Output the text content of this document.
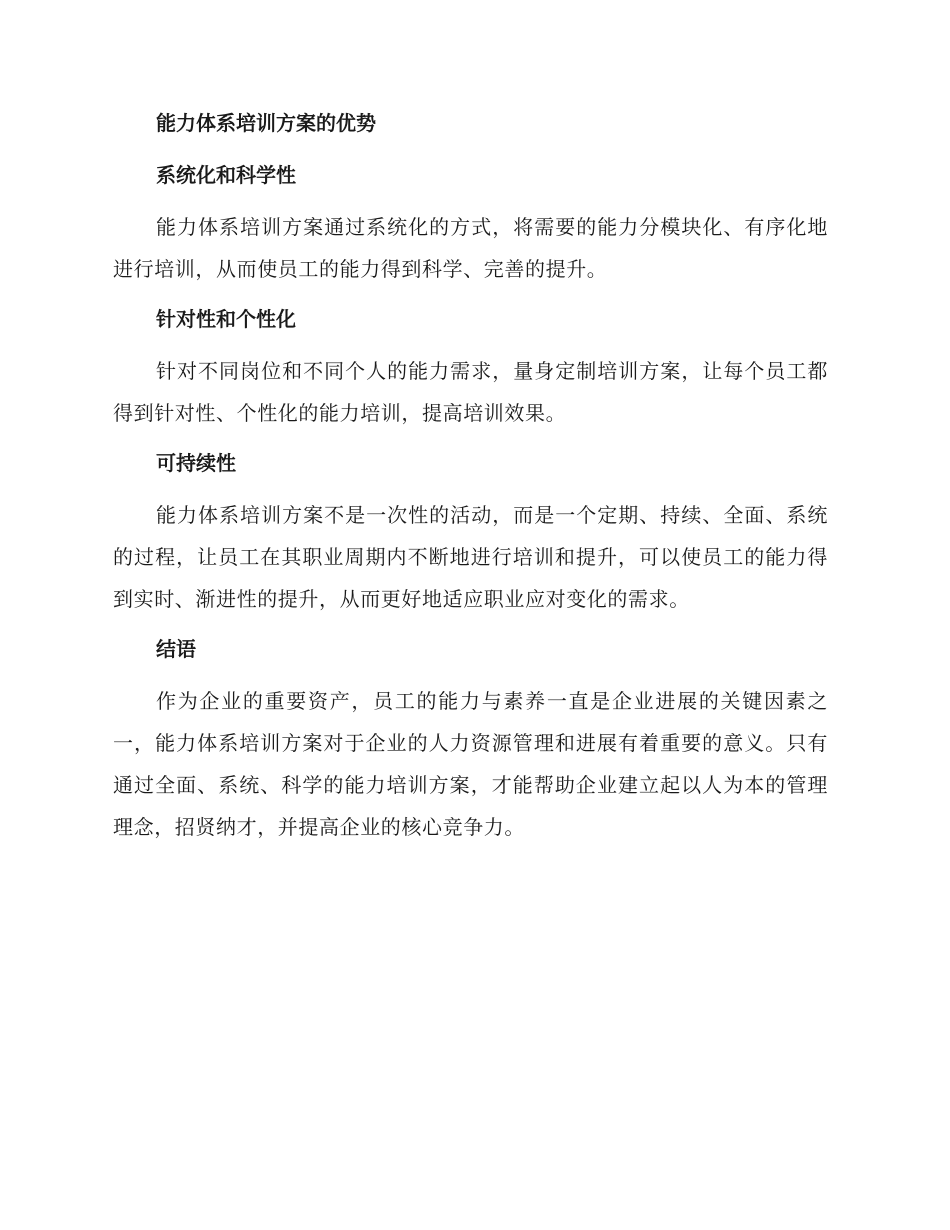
能力体系培训方案的优势
系统化和科学性

能力体系培训方案通过系统化的方式，将需要的能力分模块化、有序化地进行培训，从而使员工的能力得到科学、完善的提升。

针对性和个性化

针对不同岗位和不同个人的能力需求，量身定制培训方案，让每个员工都得到针对性、个性化的能力培训，提高培训效果。

可持续性

能力体系培训方案不是一次性的活动，而是一个定期、持续、全面、系统的过程，让员工在其职业周期内不断地进行培训和提升，可以使员工的能力得到实时、渐进性的提升，从而更好地适应职业应对变化的需求。

结语

作为企业的重要资产，员工的能力与素养一直是企业进展的关键因素之一，能力体系培训方案对于企业的人力资源管理和进展有着重要的意义。只有通过全面、系统、科学的能力培训方案，才能帮助企业建立起以人为本的管理理念，招贤纳才，并提高企业的核心竞争力。
